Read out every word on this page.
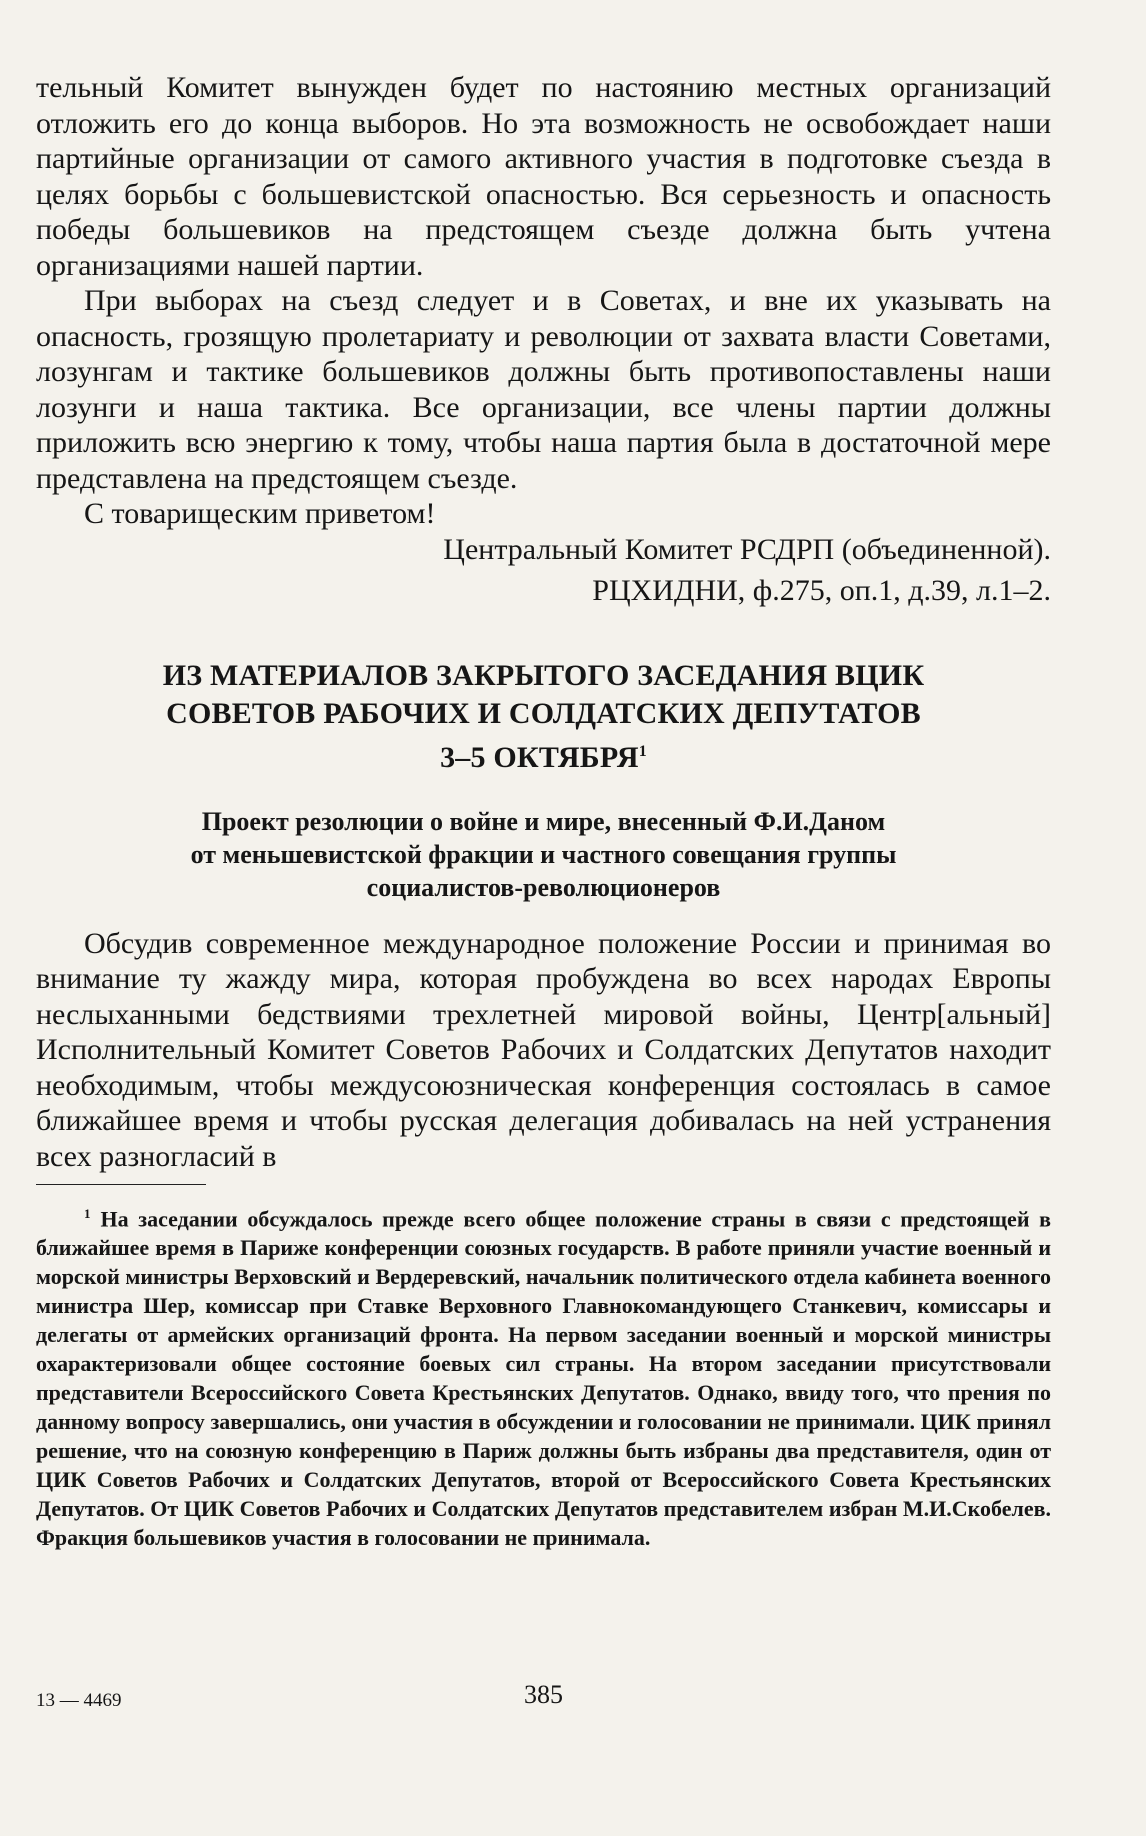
тельный Комитет вынужден будет по настоянию местных организаций отложить его до конца выборов. Но эта возможность не освобождает наши партийные организации от самого активного участия в подготовке съезда в целях борьбы с большевистской опасностью. Вся серьезность и опасность победы большевиков на предстоящем съезде должна быть учтена организациями нашей партии.

При выборах на съезд следует и в Советах, и вне их указывать на опасность, грозящую пролетариату и революции от захвата власти Советами, лозунгам и тактике большевиков должны быть противопоставлены наши лозунги и наша тактика. Все организации, все члены партии должны приложить всю энергию к тому, чтобы наша партия была в достаточной мере представлена на предстоящем съезде.

С товарищеским приветом!

Центральный Комитет РСДРП (объединенной).

РЦХИДНИ, ф.275, оп.1, д.39, л.1–2.

ИЗ МАТЕРИАЛОВ ЗАКРЫТОГО ЗАСЕДАНИЯ ВЦИК
СОВЕТОВ РАБОЧИХ И СОЛДАТСКИХ ДЕПУТАТОВ
3–5 ОКТЯБРЯ$^1$
Проект резолюции о войне и мире, внесенный Ф.И.Даном
от меньшевистской фракции и частного совещания группы
социалистов-революционеров

Обсудив современное международное положение России и принимая во внимание ту жажду мира, которая пробуждена во всех народах Европы неслыханными бедствиями трехлетней мировой войны, Центр[альный] Исполнительный Комитет Советов Рабочих и Солдатских Депутатов находит необходимым, чтобы междусоюзническая конференция состоялась в самое ближайшее время и чтобы русская делегация добивалась на ней устранения всех разногласий в

$^1$ На заседании обсуждалось прежде всего общее положение страны в связи с предстоящей в ближайшее время в Париже конференции союзных государств. В работе приняли участие военный и морской министры Верховский и Вердеревский, начальник политического отдела кабинета военного министра Шер, комиссар при Ставке Верховного Главнокомандующего Станкевич, комиссары и делегаты от армейских организаций фронта. На первом заседании военный и морской министры охарактеризовали общее состояние боевых сил страны. На втором заседании присутствовали представители Всероссийского Совета Крестьянских Депутатов. Однако, ввиду того, что прения по данному вопросу завершались, они участия в обсуждении и голосовании не принимали. ЦИК принял решение, что на союзную конференцию в Париж должны быть избраны два представителя, один от ЦИК Советов Рабочих и Солдатских Депутатов, второй от Всероссийского Совета Крестьянских Депутатов. От ЦИК Советов Рабочих и Солдатских Депутатов представителем избран М.И.Скобелев. Фракция большевиков участия в голосовании не принимала.

13 — 4469	385
